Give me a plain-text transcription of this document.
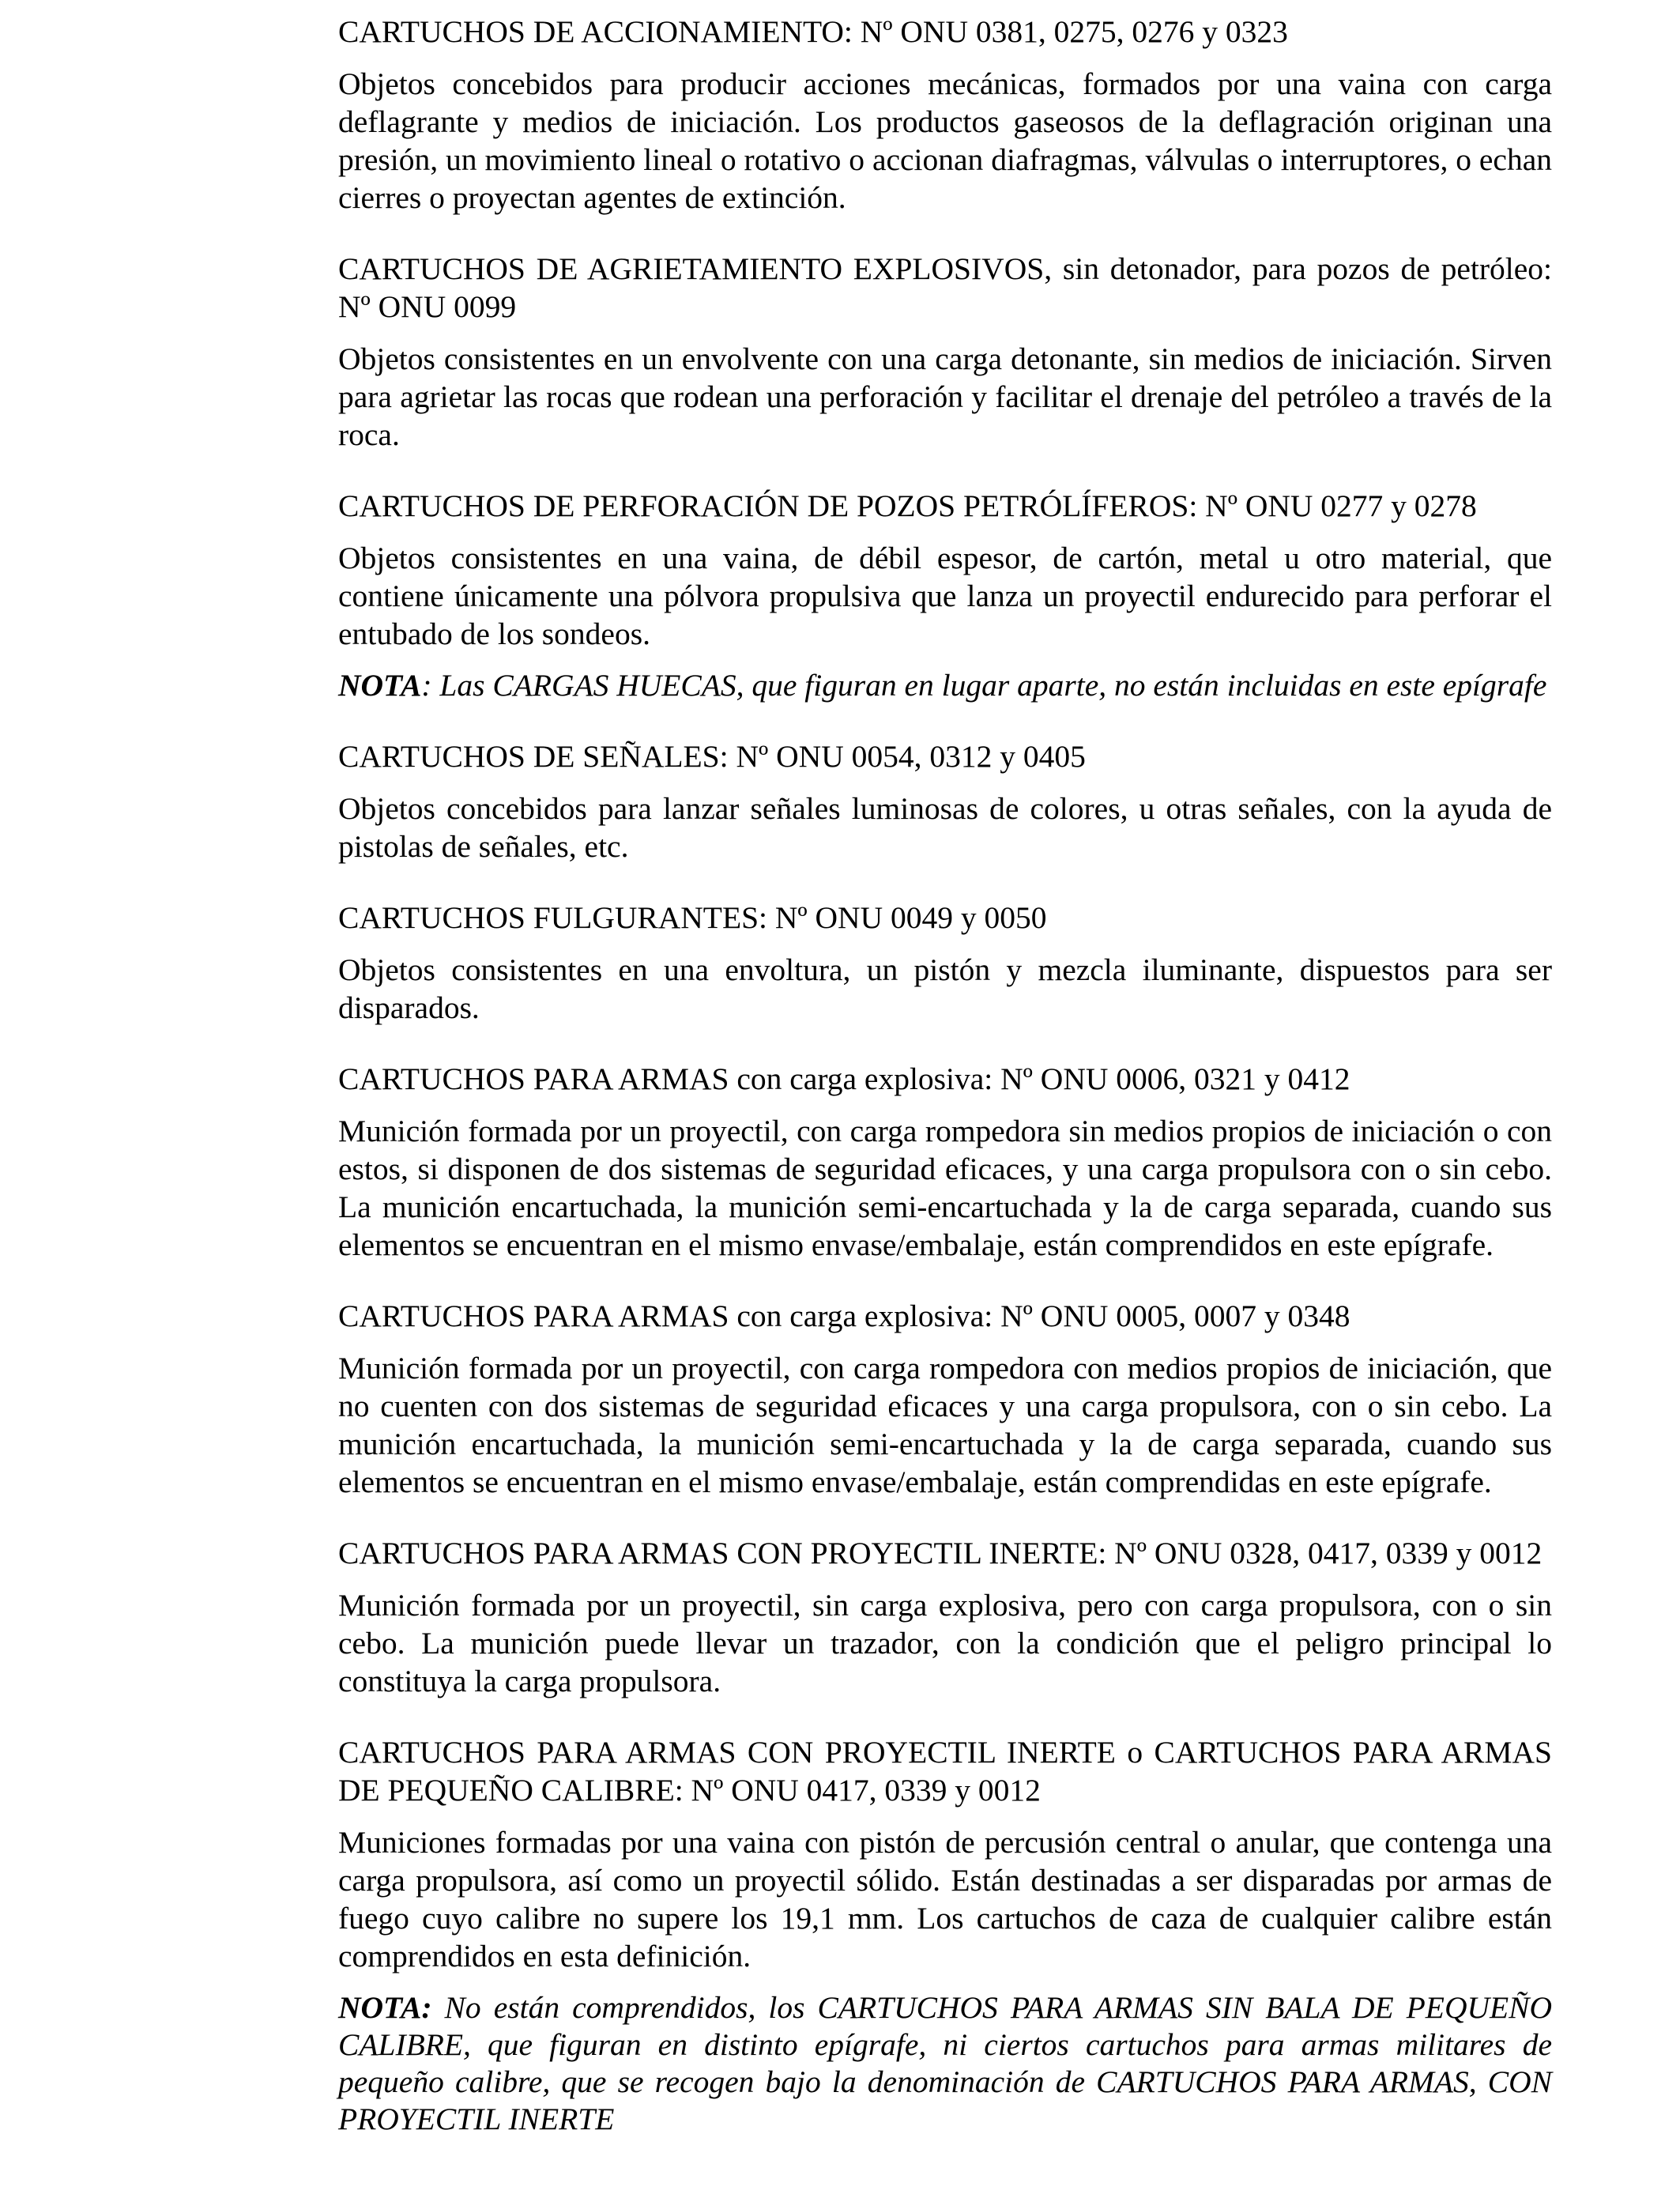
CARTUCHOS DE ACCIONAMIENTO: Nº ONU 0381, 0275, 0276 y 0323

Objetos concebidos para producir acciones mecánicas, formados por una vaina con carga deflagrante y medios de iniciación. Los productos gaseosos de la deflagración originan una presión, un movimiento lineal o rotativo o accionan diafragmas, válvulas o interruptores, o echan cierres o proyectan agentes de extinción.

CARTUCHOS DE AGRIETAMIENTO EXPLOSIVOS, sin detonador, para pozos de petróleo: Nº ONU 0099

Objetos consistentes en un envolvente con una carga detonante, sin medios de iniciación. Sirven para agrietar las rocas que rodean una perforación y facilitar el drenaje del petróleo a través de la roca.

CARTUCHOS DE PERFORACIÓN DE POZOS PETRÓLÍFEROS: Nº ONU 0277 y 0278

Objetos consistentes en una vaina, de débil espesor, de cartón, metal u otro material, que contiene únicamente una pólvora propulsiva que lanza un proyectil endurecido para perforar el entubado de los sondeos.

NOTA: Las CARGAS HUECAS, que figuran en lugar aparte, no están incluidas en este epígrafe

CARTUCHOS DE SEÑALES: Nº ONU 0054, 0312 y 0405

Objetos concebidos para lanzar señales luminosas de colores, u otras señales, con la ayuda de pistolas de señales, etc.

CARTUCHOS FULGURANTES: Nº ONU 0049 y 0050

Objetos consistentes en una envoltura, un pistón y mezcla iluminante, dispuestos para ser disparados.

CARTUCHOS PARA ARMAS con carga explosiva: Nº ONU 0006, 0321 y 0412

Munición formada por un proyectil, con carga rompedora sin medios propios de iniciación o con estos, si disponen de dos sistemas de seguridad eficaces, y una carga propulsora con o sin cebo. La munición encartuchada, la munición semi-encartuchada y la de carga separada, cuando sus elementos se encuentran en el mismo envase/embalaje, están comprendidos en este epígrafe.

CARTUCHOS PARA ARMAS con carga explosiva: Nº ONU 0005, 0007 y 0348

Munición formada por un proyectil, con carga rompedora con medios propios de iniciación, que no cuenten con dos sistemas de seguridad eficaces y una carga propulsora, con o sin cebo. La munición encartuchada, la munición semi-encartuchada y la de carga separada, cuando sus elementos se encuentran en el mismo envase/embalaje, están comprendidas en este epígrafe.

CARTUCHOS PARA ARMAS CON PROYECTIL INERTE: Nº ONU 0328, 0417, 0339 y 0012

Munición formada por un proyectil, sin carga explosiva, pero con carga propulsora, con o sin cebo. La munición puede llevar un trazador, con la condición que el peligro principal lo constituya la carga propulsora.

CARTUCHOS PARA ARMAS CON PROYECTIL INERTE o CARTUCHOS PARA ARMAS DE PEQUEÑO CALIBRE: Nº ONU 0417, 0339 y 0012

Municiones formadas por una vaina con pistón de percusión central o anular, que contenga una carga propulsora, así como un proyectil sólido. Están destinadas a ser disparadas por armas de fuego cuyo calibre no supere los 19,1 mm. Los cartuchos de caza de cualquier calibre están comprendidos en esta definición.

NOTA: No están comprendidos, los CARTUCHOS PARA ARMAS SIN BALA DE PEQUEÑO CALIBRE, que figuran en distinto epígrafe, ni ciertos cartuchos para armas militares de pequeño calibre, que se recogen bajo la denominación de CARTUCHOS PARA ARMAS, CON PROYECTIL INERTE
